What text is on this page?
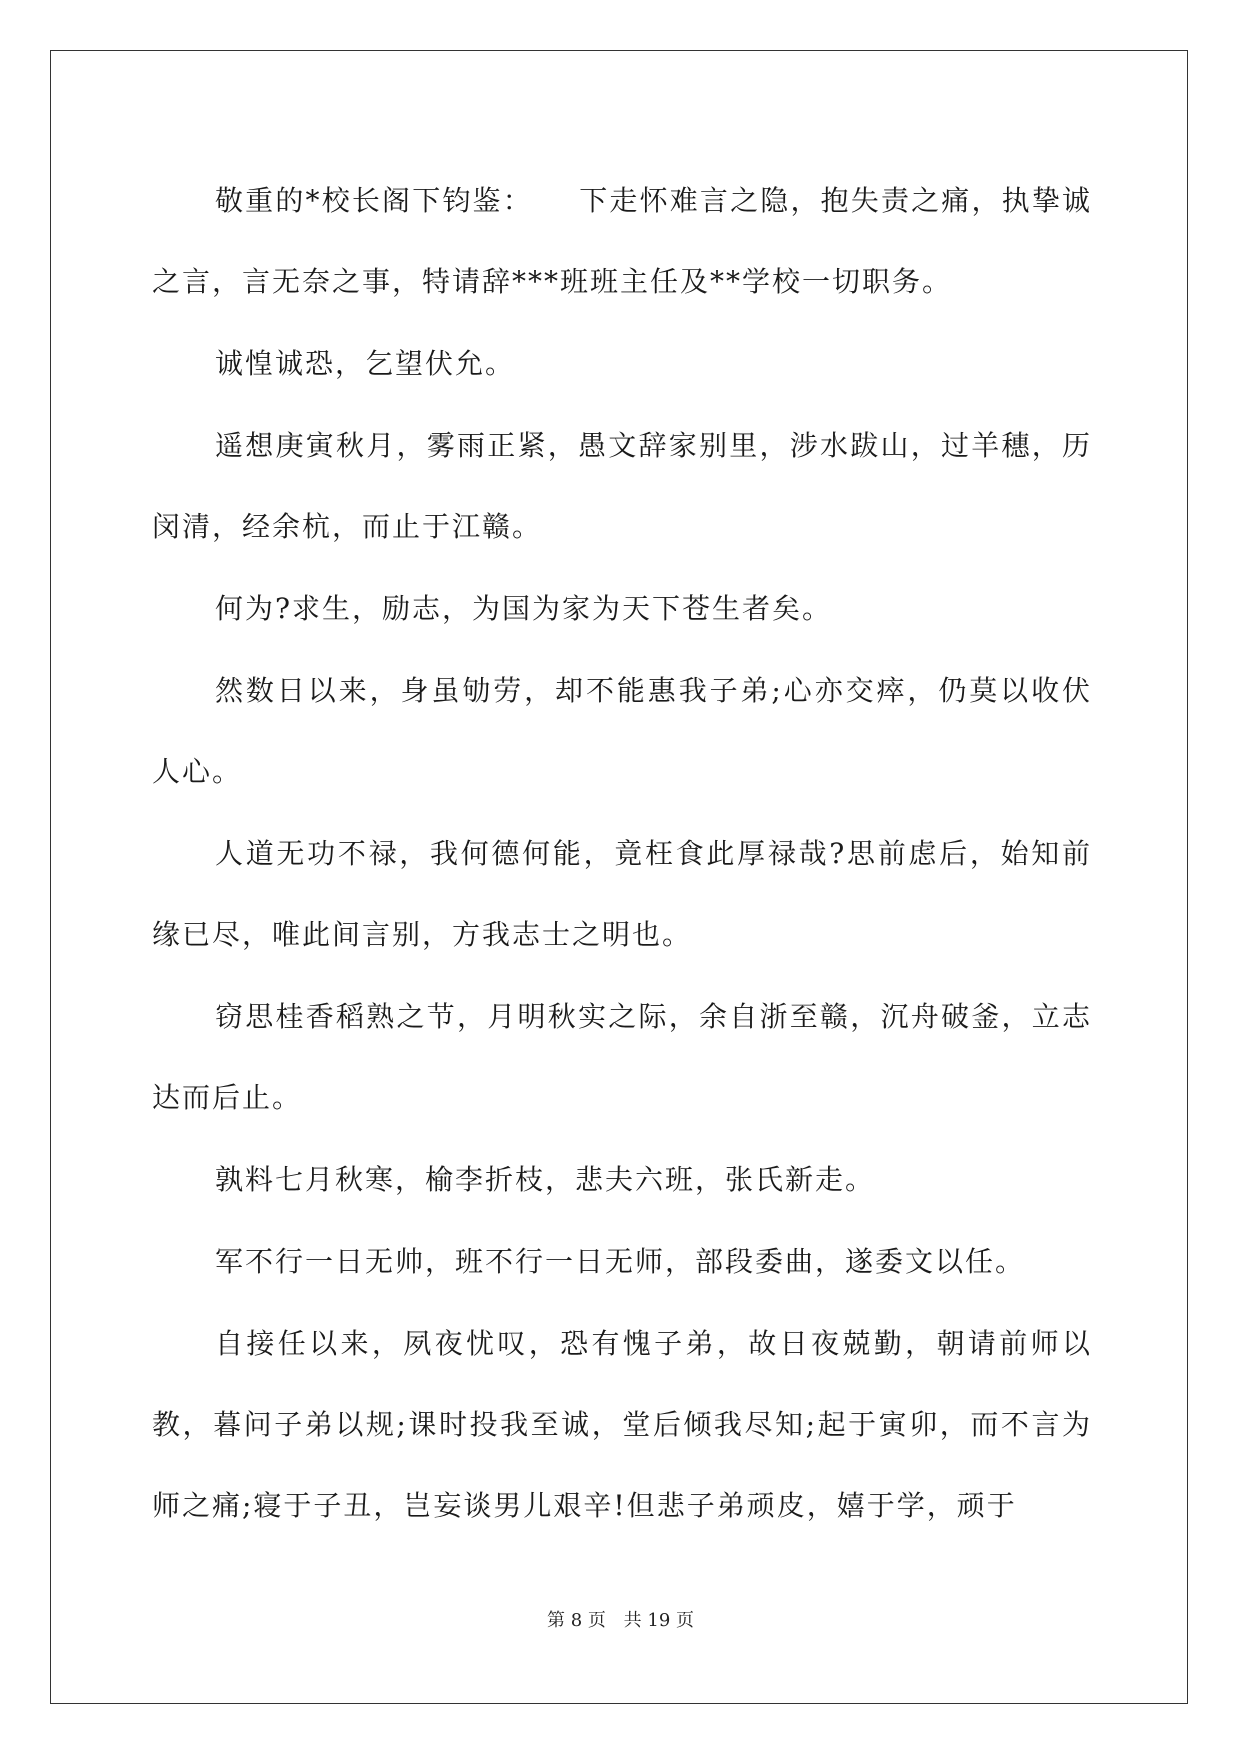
敬重的*校长阁下钧鉴：　　下走怀难言之隐，抱失责之痛，执挚诚之言，言无奈之事，特请辞***班班主任及**学校一切职务。

诚惶诚恐，乞望伏允。

遥想庚寅秋月，雾雨正紧，愚文辞家别里，涉水跋山，过羊穗，历闵清，经余杭，而止于江赣。

何为?求生，励志，为国为家为天下苍生者矣。

然数日以来，身虽劬劳，却不能惠我子弟;心亦交瘁，仍莫以收伏人心。

人道无功不禄，我何德何能，竟枉食此厚禄哉?思前虑后，始知前缘已尽，唯此间言别，方我志士之明也。

窃思桂香稻熟之节，月明秋实之际，余自浙至赣，沉舟破釜，立志达而后止。

孰料七月秋寒，榆李折枝，悲夫六班，张氏新走。

军不行一日无帅，班不行一日无师，部段委曲，遂委文以任。

自接任以来，夙夜忧叹，恐有愧子弟，故日夜兢勤，朝请前师以教，暮问子弟以规;课时投我至诚，堂后倾我尽知;起于寅卯，而不言为师之痛;寝于子丑，岂妄谈男儿艰辛!但悲子弟顽皮，嬉于学，顽于

第 8 页 共 19 页
